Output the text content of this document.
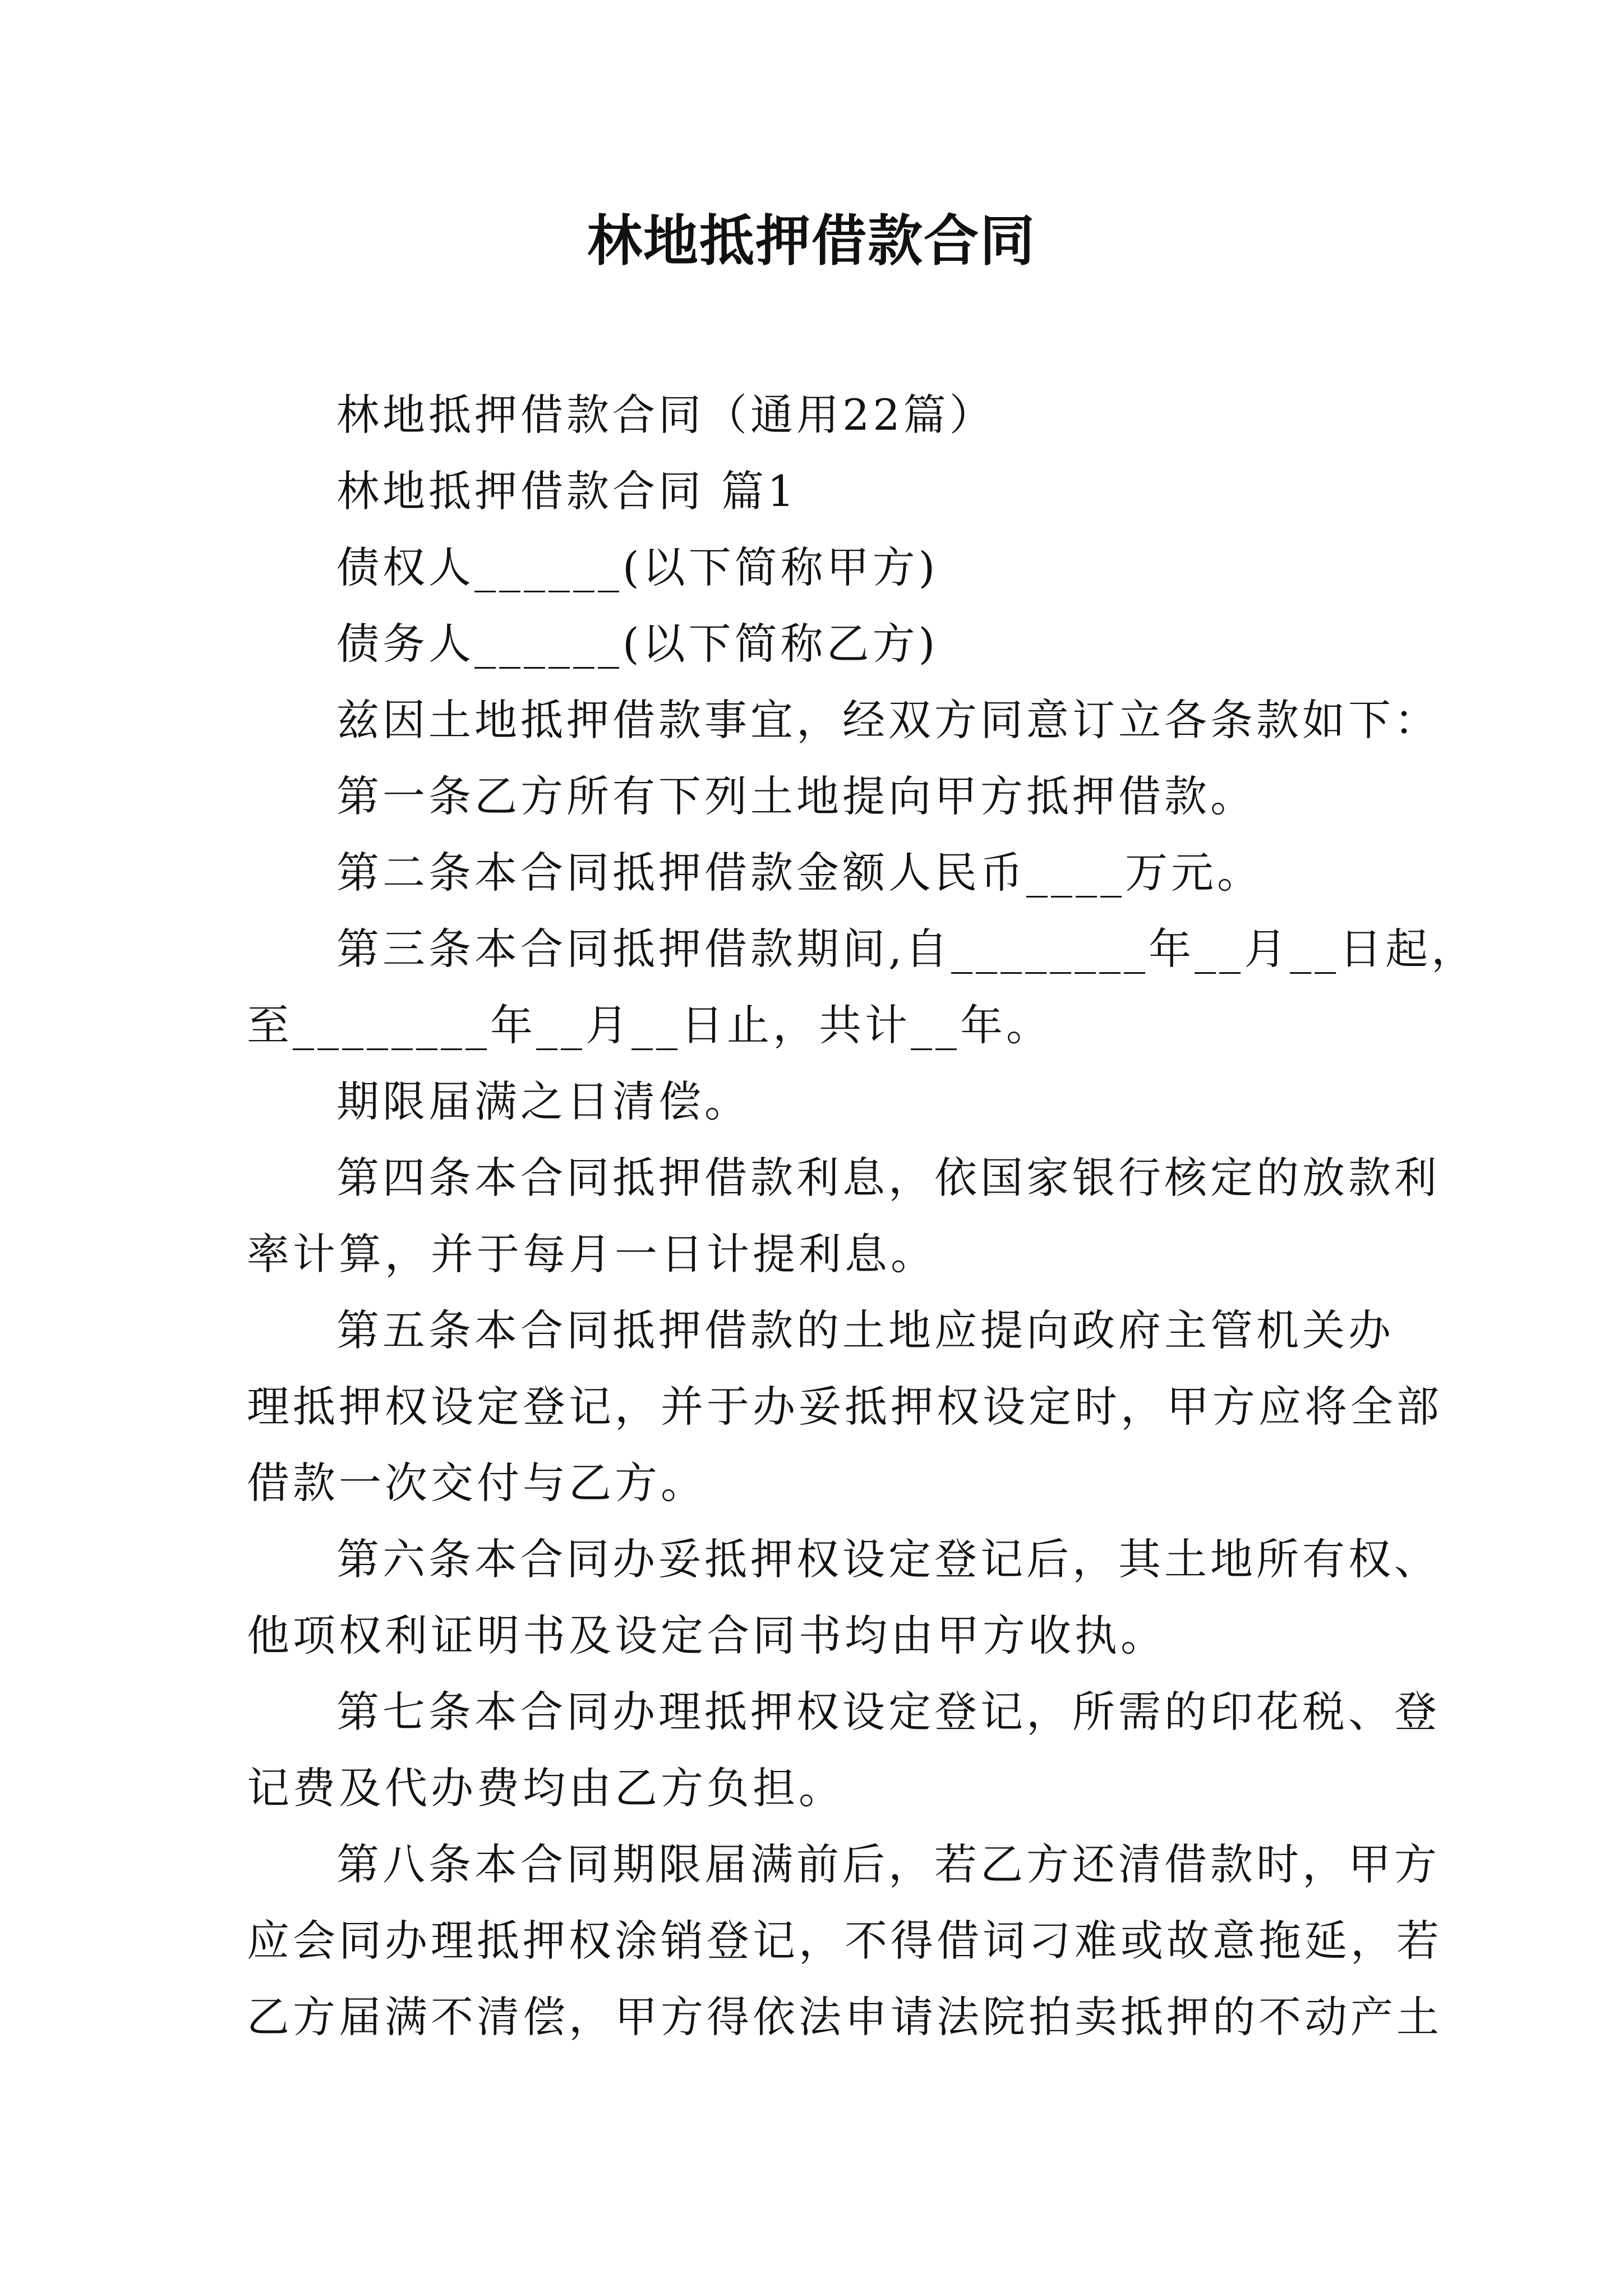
林地抵押借款合同

林地抵押借款合同（通用22篇）

林地抵押借款合同 篇1

债权人______(以下简称甲方)

债务人______(以下简称乙方)

兹因土地抵押借款事宜，经双方同意订立各条款如下：

第一条乙方所有下列土地提向甲方抵押借款。

第二条本合同抵押借款金额人民币____万元。

第三条本合同抵押借款期间,自________年__月__日起，

至________年__月__日止，共计__年。

期限届满之日清偿。

第四条本合同抵押借款利息，依国家银行核定的放款利

率计算，并于每月一日计提利息。

第五条本合同抵押借款的土地应提向政府主管机关办

理抵押权设定登记，并于办妥抵押权设定时，甲方应将全部

借款一次交付与乙方。

第六条本合同办妥抵押权设定登记后，其土地所有权、

他项权利证明书及设定合同书均由甲方收执。

第七条本合同办理抵押权设定登记，所需的印花税、登

记费及代办费均由乙方负担。

第八条本合同期限届满前后，若乙方还清借款时，甲方

应会同办理抵押权涂销登记，不得借词刁难或故意拖延，若

乙方届满不清偿，甲方得依法申请法院拍卖抵押的不动产土
